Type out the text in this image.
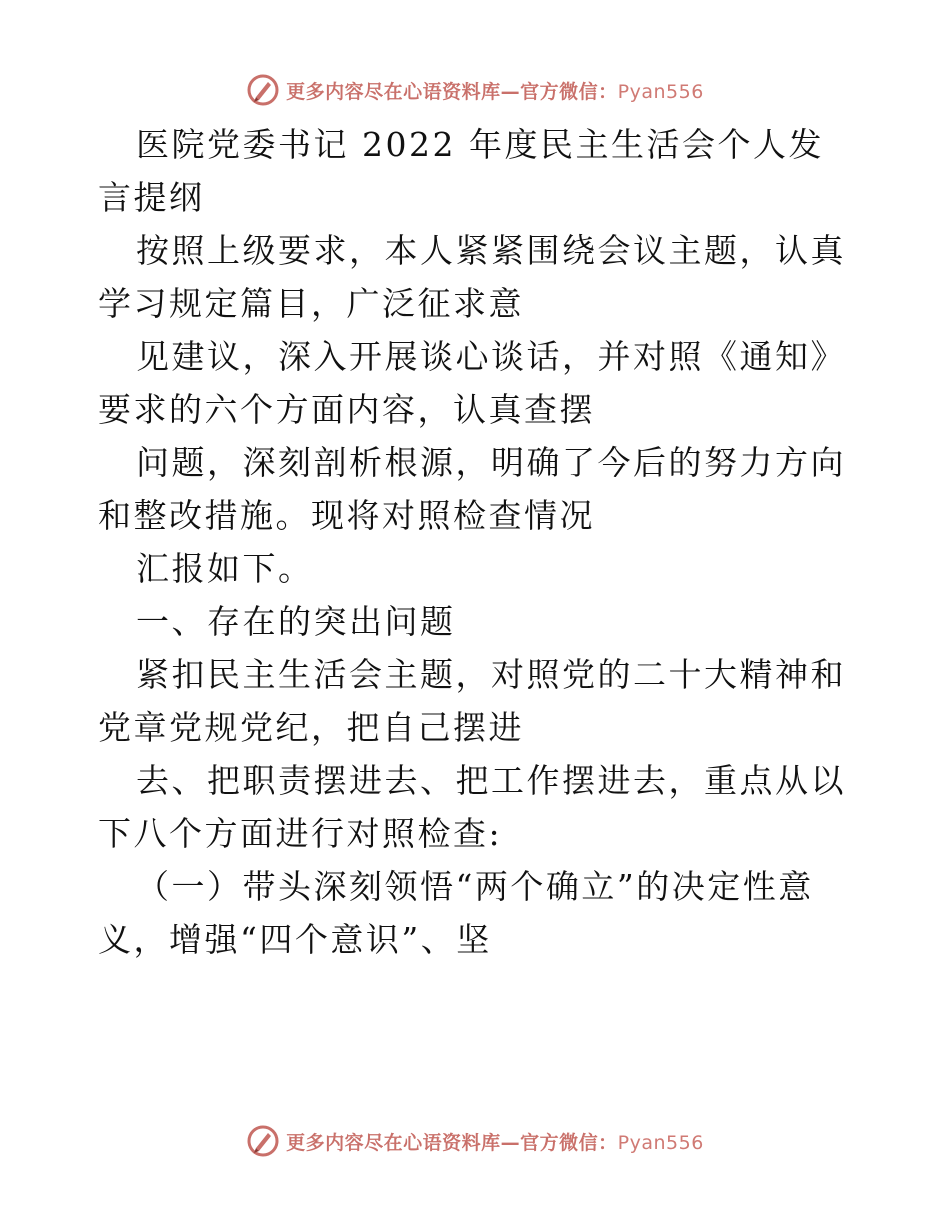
更多内容尽在心语资料库—官方微信：Pyan556

医院党委书记 2022 年度民主生活会个人发言提纲

按照上级要求，本人紧紧围绕会议主题，认真学习规定篇目，广泛征求意

见建议，深入开展谈心谈话，并对照《通知》要求的六个方面内容，认真查摆

问题，深刻剖析根源，明确了今后的努力方向和整改措施。现将对照检查情况

汇报如下。

一、存在的突出问题

紧扣民主生活会主题，对照党的二十大精神和党章党规党纪，把自己摆进

去、把职责摆进去、把工作摆进去，重点从以下八个方面进行对照检查:

（一）带头深刻领悟“两个确立”的决定性意义，增强“四个意识”、坚

更多内容尽在心语资料库—官方微信：Pyan556
